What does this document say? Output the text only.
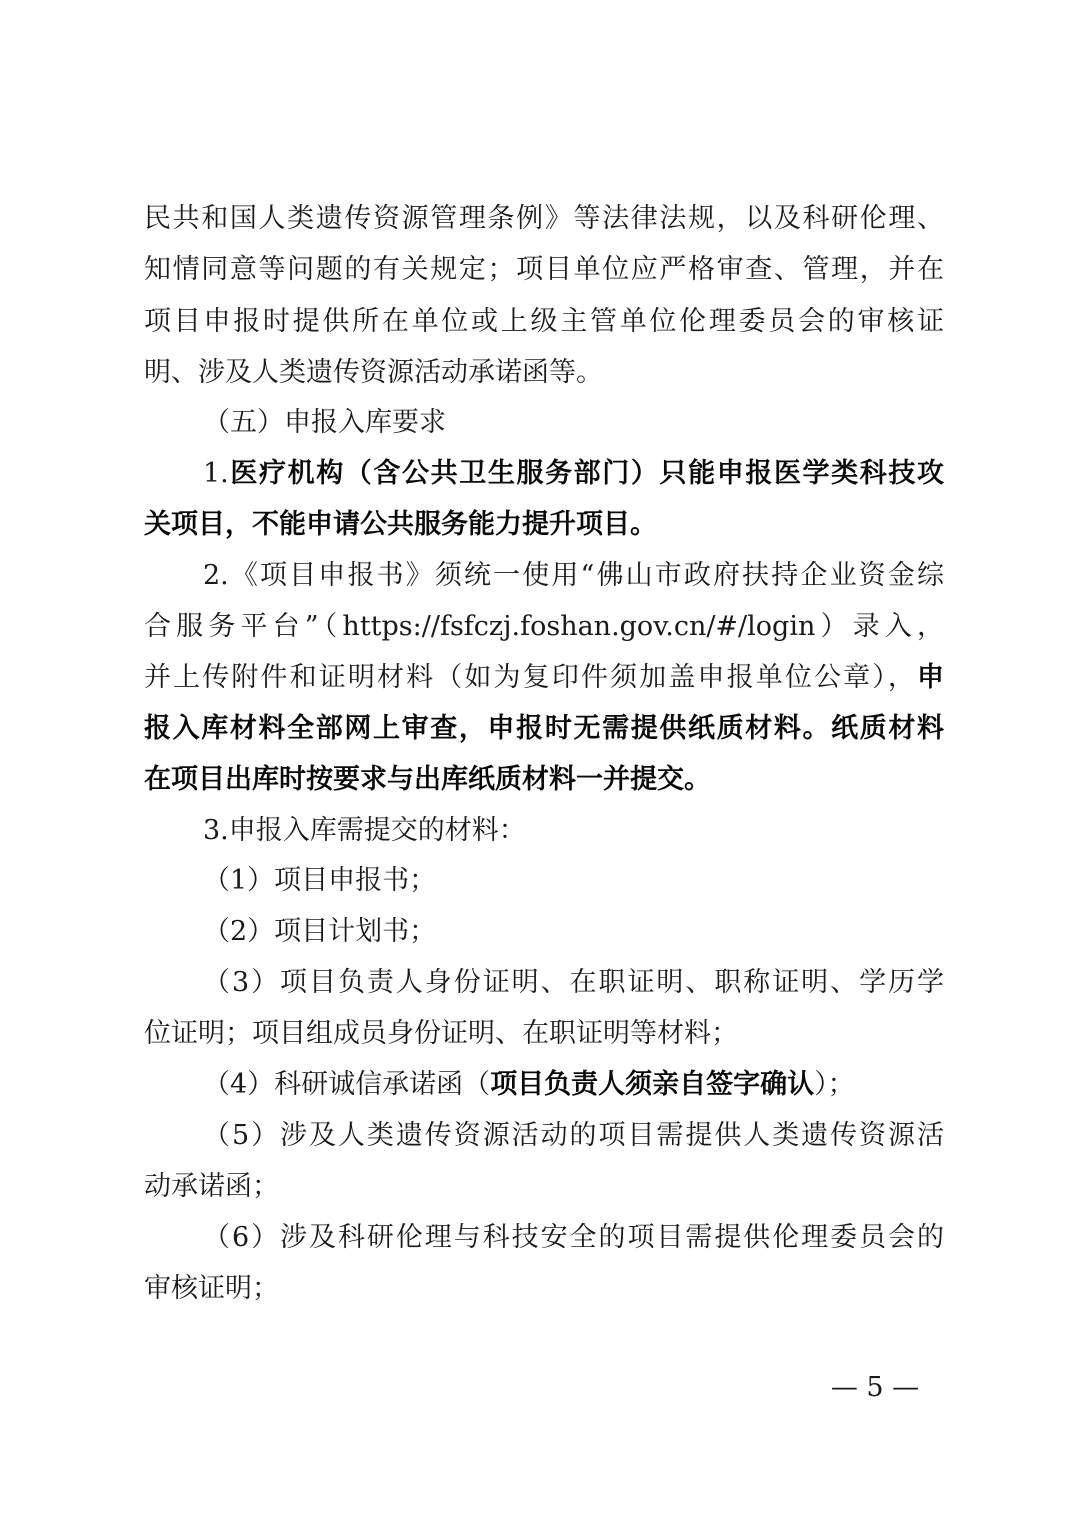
民共和国人类遗传资源管理条例》等法律法规，以及科研伦理、
知情同意等问题的有关规定；项目单位应严格审查、管理，并在
项目申报时提供所在单位或上级主管单位伦理委员会的审核证
明、涉及人类遗传资源活动承诺函等。
（五）申报入库要求
1.医疗机构（含公共卫生服务部门）只能申报医学类科技攻
关项目，不能申请公共服务能力提升项目。
2.《项目申报书》须统一使用“佛山市政府扶持企业资金综
合服务平台”（https://fsfczj.foshan.gov.cn/#/login）录入，
并上传附件和证明材料（如为复印件须加盖申报单位公章），申
报入库材料全部网上审查，申报时无需提供纸质材料。纸质材料
在项目出库时按要求与出库纸质材料一并提交。
3.申报入库需提交的材料：
（1）项目申报书；
（2）项目计划书；
（3）项目负责人身份证明、在职证明、职称证明、学历学
位证明；项目组成员身份证明、在职证明等材料；
（4）科研诚信承诺函（项目负责人须亲自签字确认）；
（5）涉及人类遗传资源活动的项目需提供人类遗传资源活
动承诺函；
（6）涉及科研伦理与科技安全的项目需提供伦理委员会的
审核证明；
— 5 —
